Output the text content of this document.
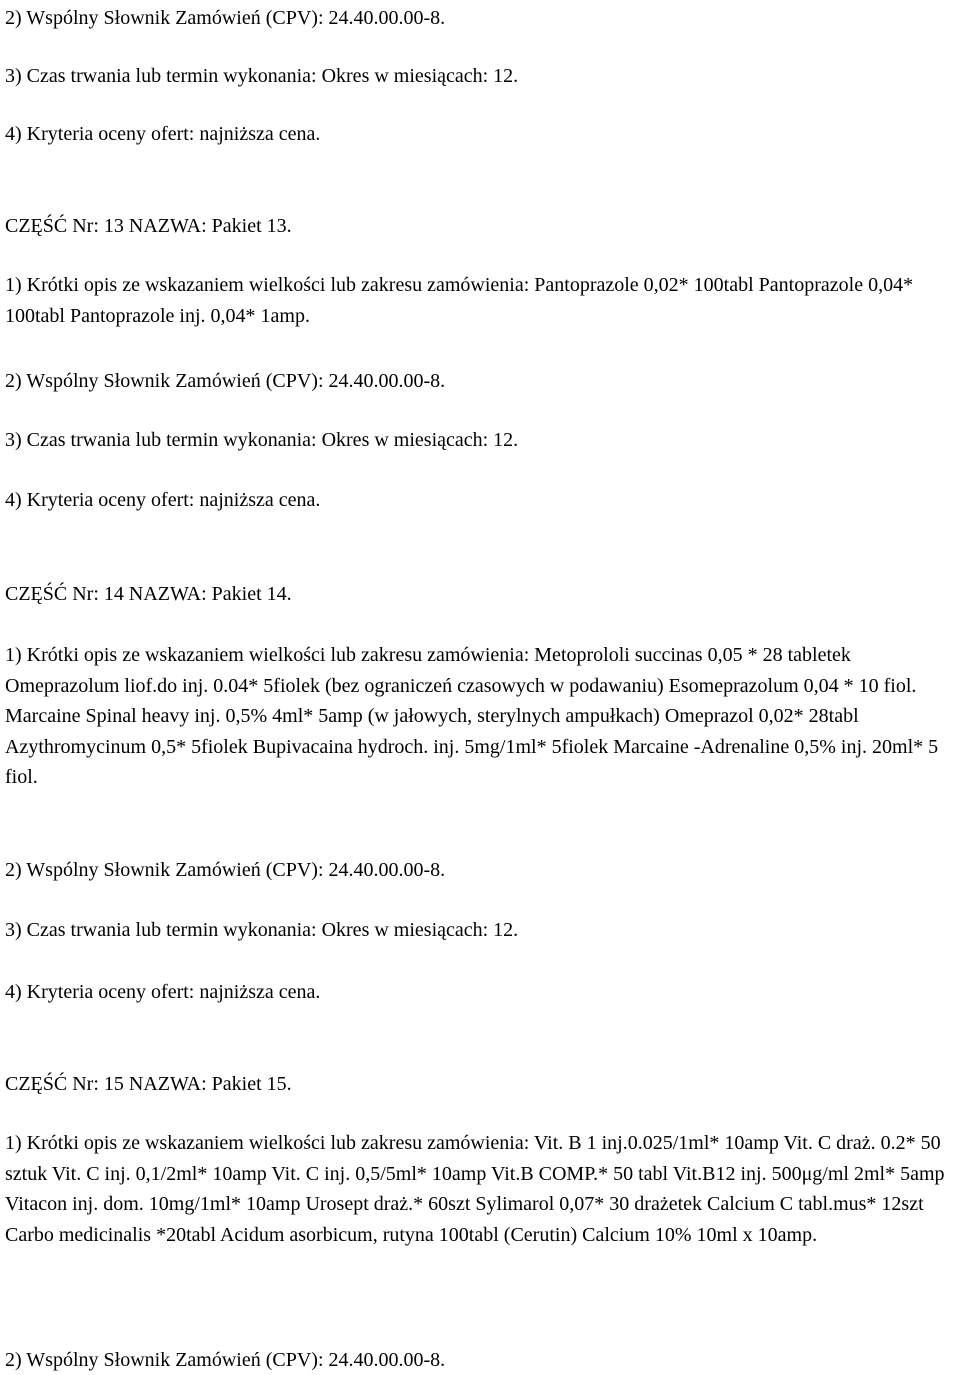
2) Wspólny Słownik Zamówień (CPV): 24.40.00.00-8.

3) Czas trwania lub termin wykonania: Okres w miesiącach: 12.

4) Kryteria oceny ofert: najniższa cena.

CZĘŚĆ Nr: 13 NAZWA: Pakiet 13.

1) Krótki opis ze wskazaniem wielkości lub zakresu zamówienia: Pantoprazole 0,02* 100tabl Pantoprazole 0,04* 100tabl Pantoprazole inj. 0,04* 1amp.

2) Wspólny Słownik Zamówień (CPV): 24.40.00.00-8.

3) Czas trwania lub termin wykonania: Okres w miesiącach: 12.

4) Kryteria oceny ofert: najniższa cena.

CZĘŚĆ Nr: 14 NAZWA: Pakiet 14.

1) Krótki opis ze wskazaniem wielkości lub zakresu zamówienia: Metoprololi succinas 0,05 * 28 tabletek Omeprazolum liof.do inj. 0.04* 5fiolek (bez ograniczeń czasowych w podawaniu) Esomeprazolum 0,04 * 10 fiol. Marcaine Spinal heavy inj. 0,5% 4ml* 5amp (w jałowych, sterylnych ampułkach) Omeprazol 0,02* 28tabl Azythromycinum 0,5* 5fiolek Bupivacaina hydroch. inj. 5mg/1ml* 5fiolek Marcaine -Adrenaline 0,5% inj. 20ml* 5 fiol.

2) Wspólny Słownik Zamówień (CPV): 24.40.00.00-8.

3) Czas trwania lub termin wykonania: Okres w miesiącach: 12.

4) Kryteria oceny ofert: najniższa cena.

CZĘŚĆ Nr: 15 NAZWA: Pakiet 15.

1) Krótki opis ze wskazaniem wielkości lub zakresu zamówienia: Vit. B 1 inj.0.025/1ml* 10amp Vit. C draż. 0.2* 50 sztuk Vit. C inj. 0,1/2ml* 10amp Vit. C inj. 0,5/5ml* 10amp Vit.B COMP.* 50 tabl Vit.B12 inj. 500μg/ml 2ml* 5amp Vitacon inj. dom. 10mg/1ml* 10amp Urosept draż.* 60szt Sylimarol 0,07* 30 drażetek Calcium C tabl.mus* 12szt Carbo medicinalis *20tabl Acidum asorbicum, rutyna 100tabl (Cerutin) Calcium 10% 10ml x 10amp.

2) Wspólny Słownik Zamówień (CPV): 24.40.00.00-8.
